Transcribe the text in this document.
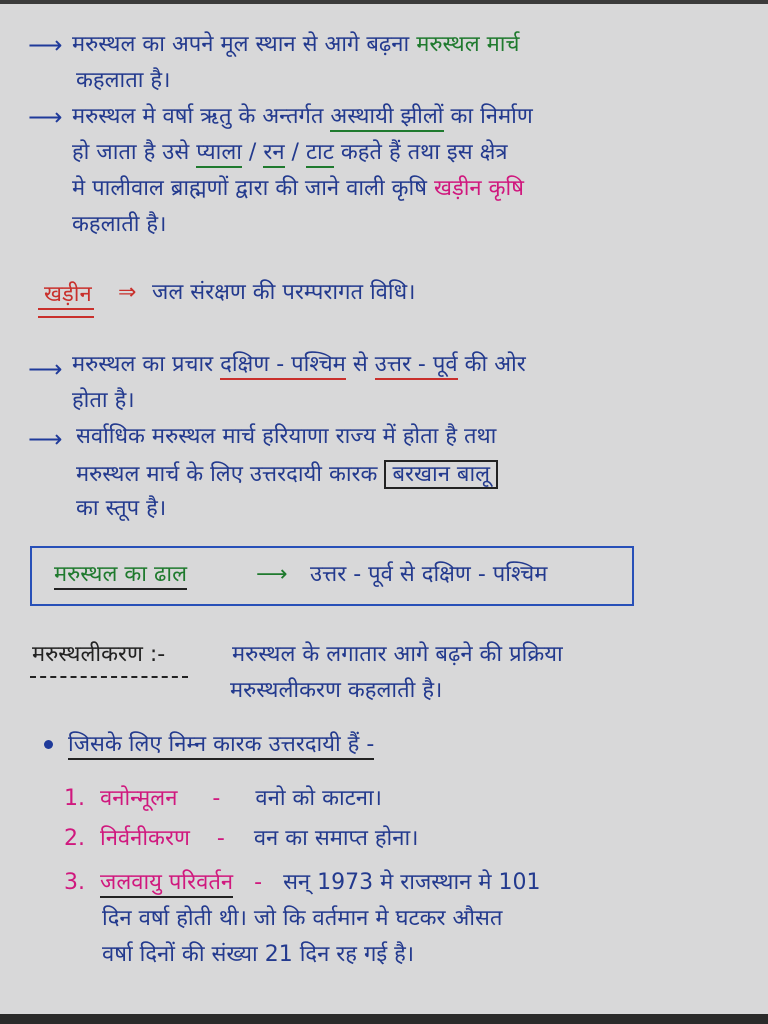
⟶ मरुस्थल का अपने मूल स्थान से आगे बढ़ना मरुस्थल मार्च
कहलाता है।
⟶ मरुस्थल मे वर्षा ऋतु के अन्तर्गत अस्थायी झीलों का निर्माण
हो जाता है उसे प्याला / रन / टाट कहते हैं तथा इस क्षेत्र
मे पालीवाल ब्राह्मणों द्वारा की जाने वाली कृषि खड़ीन कृषि
कहलाती है।
खड़ीन ⇒ जल संरक्षण की परम्परागत विधि।
⟶ मरुस्थल का प्रचार दक्षिण - पश्चिम से उत्तर - पूर्व की ओर
होता है।
⟶ सर्वाधिक मरुस्थल मार्च हरियाणा राज्य में होता है तथा
मरुस्थल मार्च के लिए उत्तरदायी कारक बरखान बालू
का स्तूप है।
मरुस्थल का ढाल	⟶ उत्तर - पूर्व से दक्षिण - पश्चिम
मरुस्थलीकरण :-	मरुस्थल के लगातार आगे बढ़ने की प्रक्रिया
मरुस्थलीकरण कहलाती है।
जिसके लिए निम्न कारक उत्तरदायी हैं -
1. वनोन्मूलन - वनो को काटना।
2. निर्वनीकरण - वन का समाप्त होना।
3. जलवायु परिवर्तन - सन् 1973 मे राजस्थान मे 101
दिन वर्षा होती थी। जो कि वर्तमान मे घटकर औसत
वर्षा दिनों की संख्या 21 दिन रह गई है।
